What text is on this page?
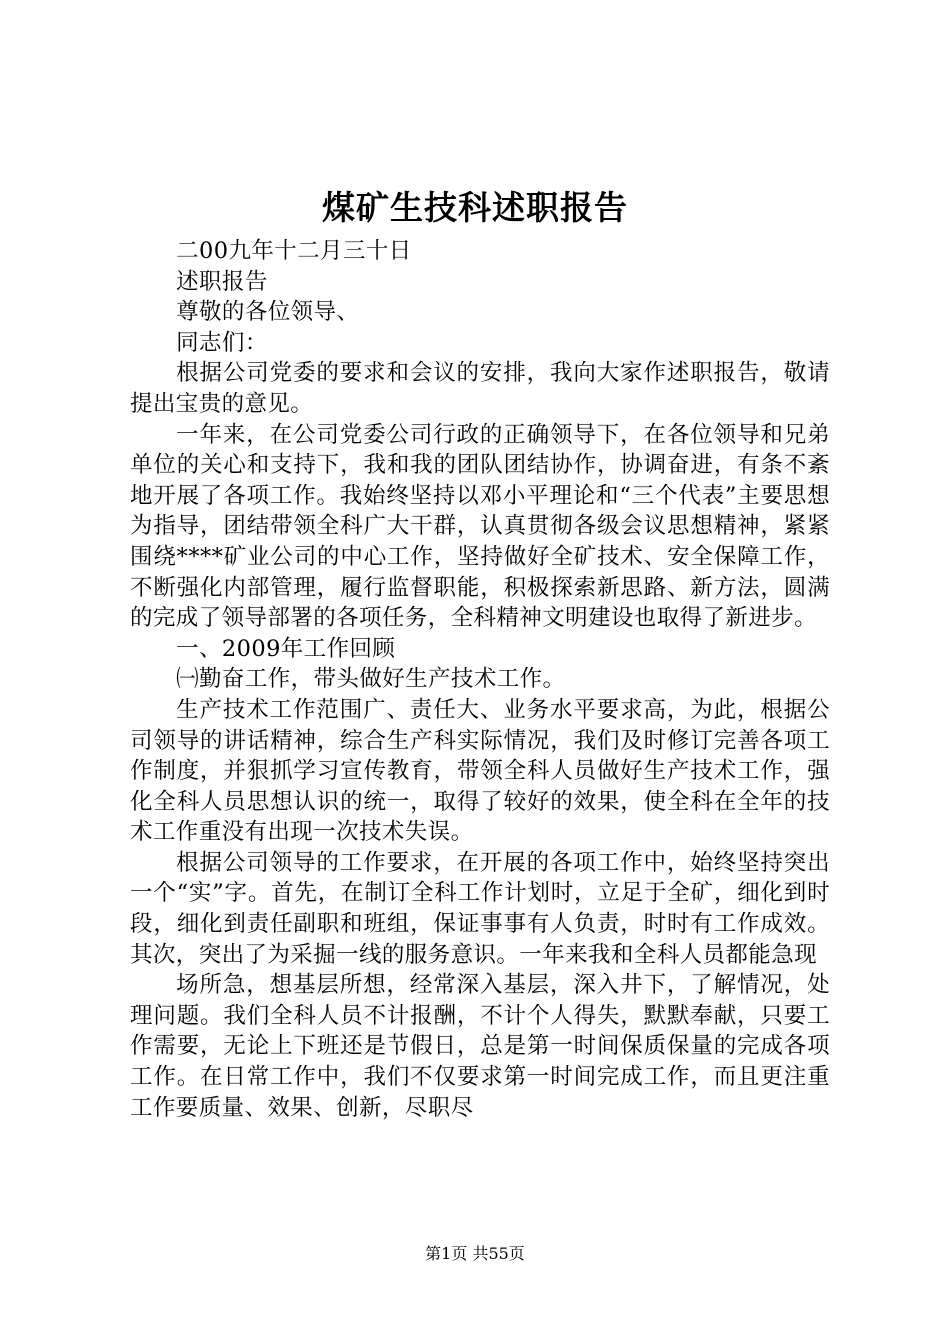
煤矿生技科述职报告

二00九年十二月三十日

述职报告

尊敬的各位领导、

同志们：

根据公司党委的要求和会议的安排，我向大家作述职报告，敬请提出宝贵的意见。

一年来，在公司党委公司行政的正确领导下，在各位领导和兄弟单位的关心和支持下，我和我的团队团结协作，协调奋进，有条不紊地开展了各项工作。我始终坚持以邓小平理论和“三个代表”主要思想为指导，团结带领全科广大干群，认真贯彻各级会议思想精神，紧紧围绕****矿业公司的中心工作，坚持做好全矿技术、安全保障工作，不断强化内部管理，履行监督职能，积极探索新思路、新方法，圆满的完成了领导部署的各项任务，全科精神文明建设也取得了新进步。

一、2009年工作回顾

㈠勤奋工作，带头做好生产技术工作。

生产技术工作范围广、责任大、业务水平要求高，为此，根据公司领导的讲话精神，综合生产科实际情况，我们及时修订完善各项工作制度，并狠抓学习宣传教育，带领全科人员做好生产技术工作，强化全科人员思想认识的统一，取得了较好的效果，使全科在全年的技术工作重没有出现一次技术失误。

根据公司领导的工作要求，在开展的各项工作中，始终坚持突出一个“实”字。首先，在制订全科工作计划时，立足于全矿，细化到时段，细化到责任副职和班组，保证事事有人负责，时时有工作成效。其次，突出了为采掘一线的服务意识。一年来我和全科人员都能急现

场所急，想基层所想，经常深入基层，深入井下，了解情况，处理问题。我们全科人员不计报酬，不计个人得失，默默奉献，只要工作需要，无论上下班还是节假日，总是第一时间保质保量的完成各项工作。在日常工作中，我们不仅要求第一时间完成工作，而且更注重工作要质量、效果、创新，尽职尽

第1页 共55页
